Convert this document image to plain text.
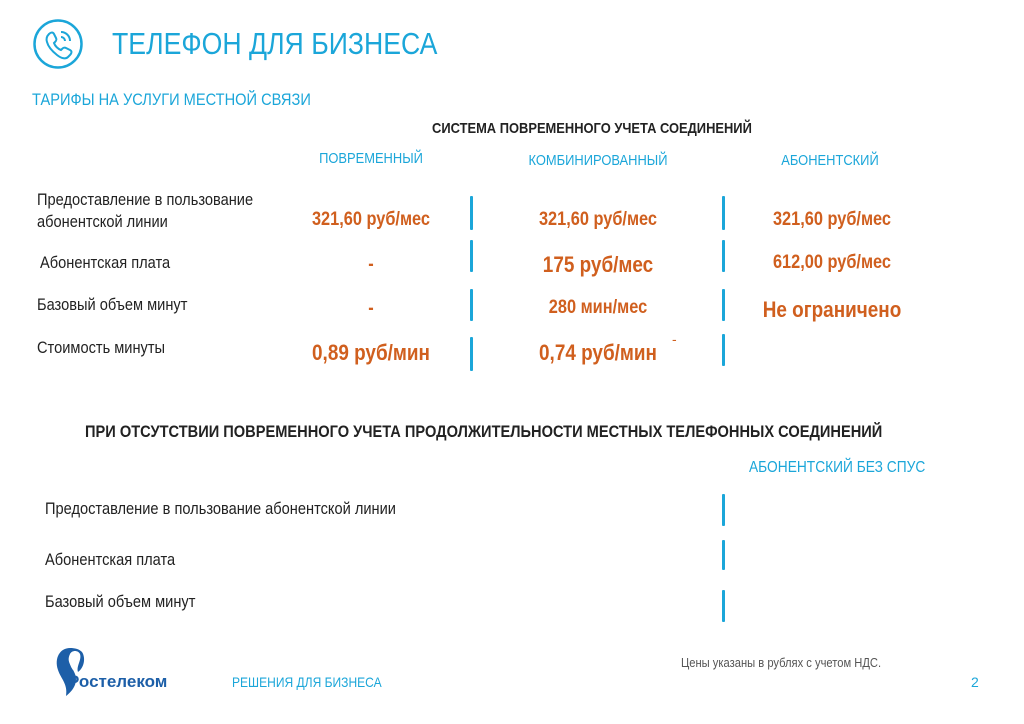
ТЕЛЕФОН ДЛЯ БИЗНЕСА
ТАРИФЫ НА УСЛУГИ МЕСТНОЙ СВЯЗИ
СИСТЕМА ПОВРЕМЕННОГО УЧЕТА СОЕДИНЕНИЙ
ПОВРЕМЕННЫЙ	КОМБИНИРОВАННЫЙ	АБОНЕНТСКИЙ
Предоставление в пользование
абонентской линии	321,60 руб/мес	321,60 руб/мес	321,60 руб/мес
Абонентская плата	-	175 руб/мес	612,00 руб/мес
Базовый объем минут	-	280 мин/мес	Не ограничено
Стоимость минуты	0,89 руб/мин	0,74 руб/мин
-
ПРИ ОТСУТСТВИИ ПОВРЕМЕННОГО УЧЕТА ПРОДОЛЖИТЕЛЬНОСТИ МЕСТНЫХ ТЕЛЕФОННЫХ СОЕДИНЕНИЙ
АБОНЕНТСКИЙ БЕЗ СПУС
Предоставление в пользование абонентской линии
Абонентская плата
Базовый объем минут
Цены указаны в рублях с учетом НДС.
Ростелеком	РЕШЕНИЯ ДЛЯ БИЗНЕСА	2
